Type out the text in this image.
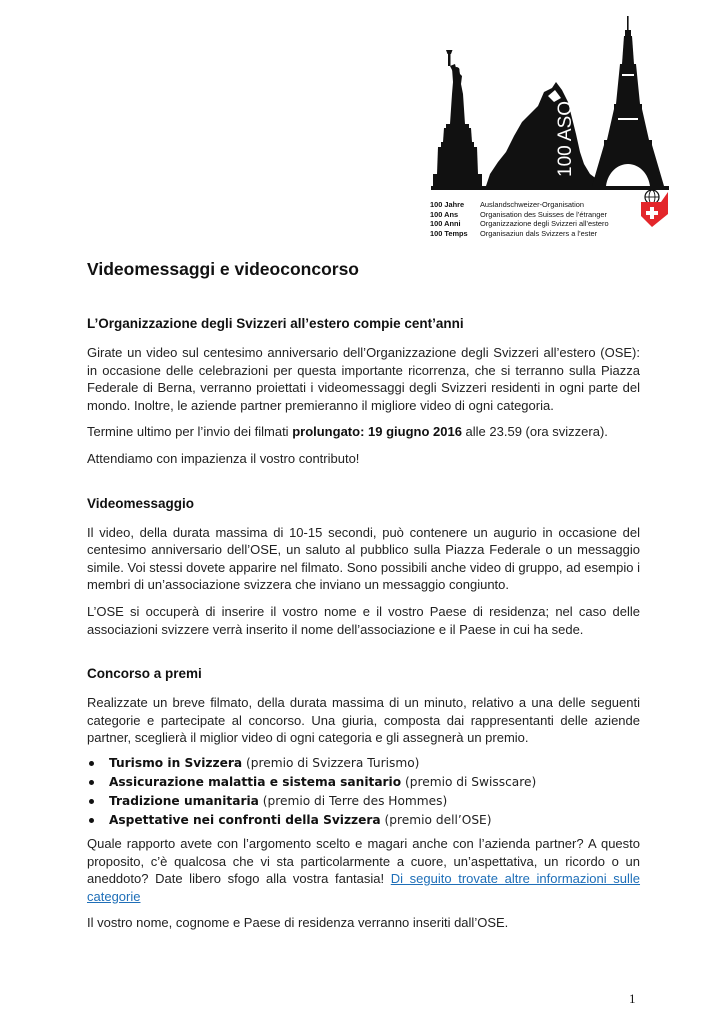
100 ASO
100 Jahre	Auslandschweizer-Organisation
100 Ans	Organisation des Suisses de l’étranger
100 Anni	Organizzazione degli Svizzeri all’estero
100 Temps	Organisaziun dals Svizzers a l’ester
Videomessaggi e videoconcorso
L’Organizzazione degli Svizzeri all’estero compie cent’anni

Girate un video sul centesimo anniversario dell’Organizzazione degli Svizzeri all’estero (OSE): in occasione delle celebrazioni per questa importante ricorrenza, che si terranno sulla Piazza Federale di Berna, verranno proiettati i videomessaggi degli Svizzeri residenti in ogni parte del mondo. Inoltre, le aziende partner premieranno il migliore video di ogni categoria.

Termine ultimo per l’invio dei filmati prolungato: 19 giugno 2016 alle 23.59 (ora svizzera).

Attendiamo con impazienza il vostro contributo!

Videomessaggio

Il video, della durata massima di 10-15 secondi, può contenere un augurio in occasione del centesimo anniversario dell’OSE, un saluto al pubblico sulla Piazza Federale o un messaggio simile. Voi stessi dovete apparire nel filmato. Sono possibili anche video di gruppo, ad esempio i membri di un’associazione svizzera che inviano un messaggio congiunto.

L’OSE si occuperà di inserire il vostro nome e il vostro Paese di residenza; nel caso delle associazioni svizzere verrà inserito il nome dell’associazione e il Paese in cui ha sede.

Concorso a premi

Realizzate un breve filmato, della durata massima di un minuto, relativo a una delle seguenti categorie e partecipate al concorso. Una giuria, composta dai rappresentanti delle aziende partner, sceglierà il miglior video di ogni categoria e gli assegnerà un premio.

Turismo in Svizzera (premio di Svizzera Turismo)
Assicurazione malattia e sistema sanitario (premio di Swisscare)
Tradizione umanitaria (premio di Terre des Hommes)
Aspettative nei confronti della Svizzera (premio dell’OSE)

Quale rapporto avete con l’argomento scelto e magari anche con l’azienda partner? A questo proposito, c’è qualcosa che vi sta particolarmente a cuore, un’aspettativa, un ricordo o un aneddoto? Date libero sfogo alla vostra fantasia! Di seguito trovate altre informazioni sulle categorie

Il vostro nome, cognome e Paese di residenza verranno inseriti dall’OSE.

1
